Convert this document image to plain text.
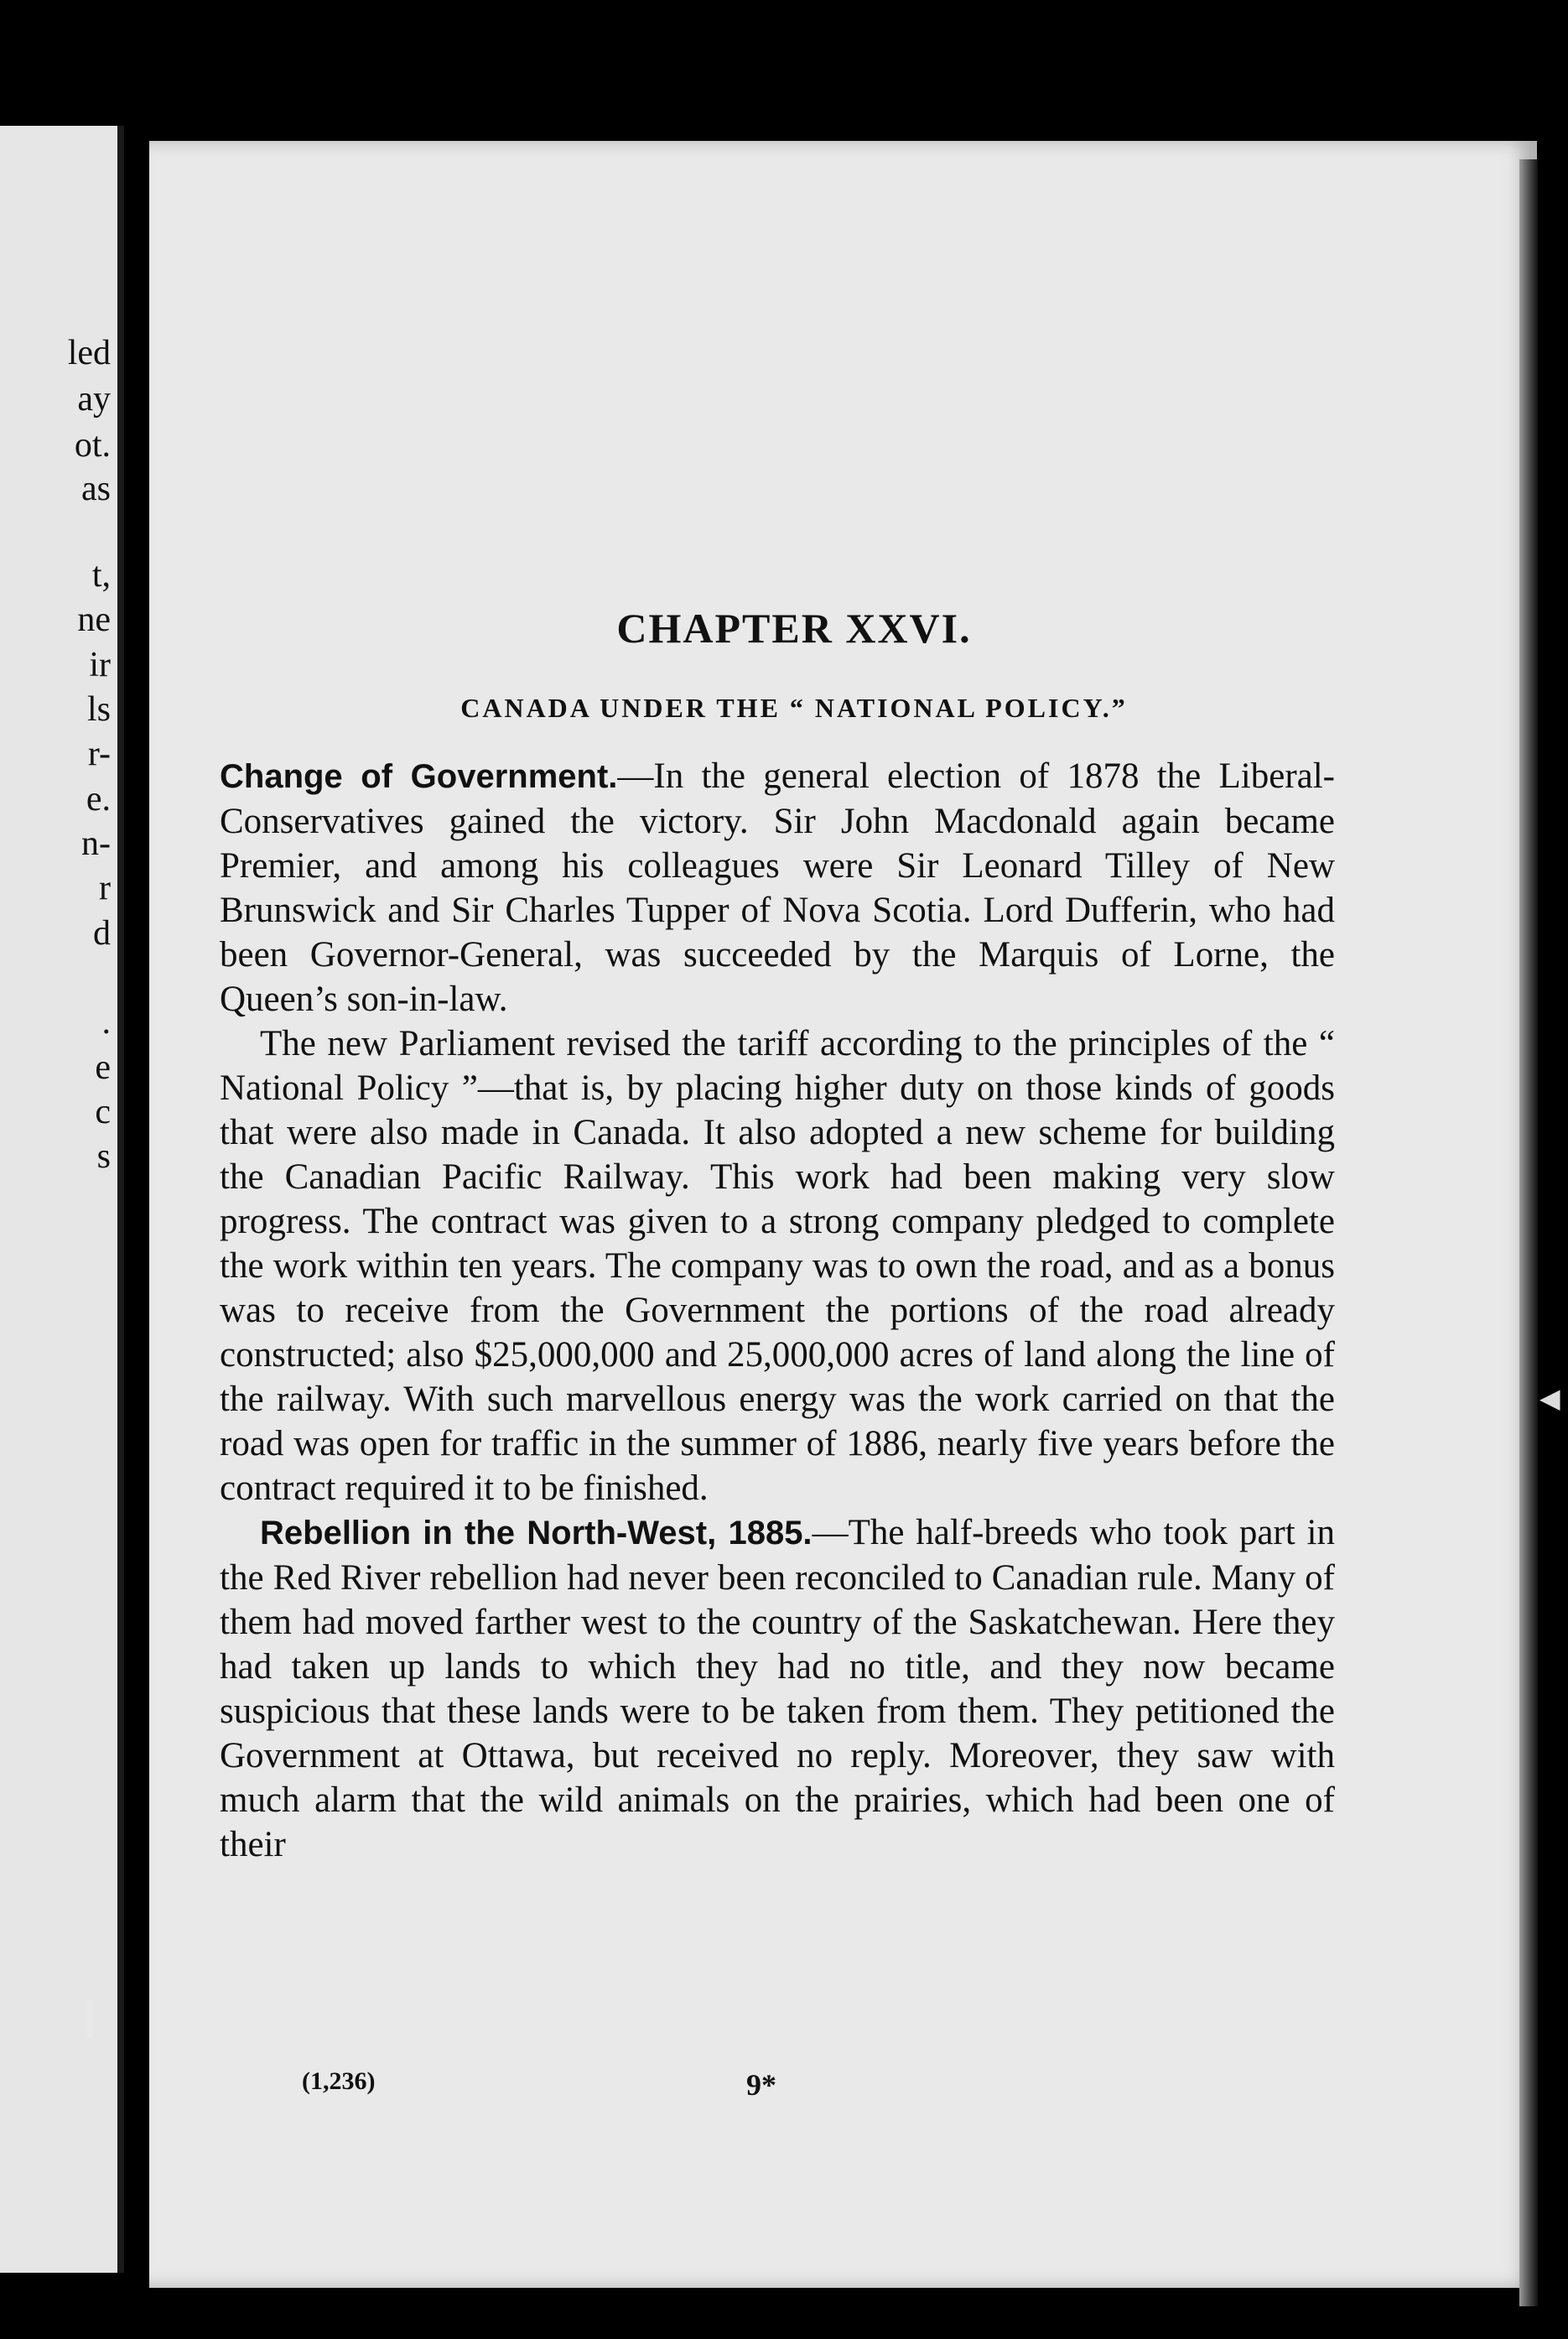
led
ay
ot.
as
t,
ne
ir
ls
r-
e.
n-
r
d
.
e
c
s
◀
CHAPTER XXVI.
CANADA UNDER THE “ NATIONAL POLICY.”

Change of Government.—In the general election of 1878 the Liberal-Conservatives gained the victory. Sir John Macdonald again became Premier, and among his colleagues were Sir Leonard Tilley of New Brunswick and Sir Charles Tupper of Nova Scotia. Lord Dufferin, who had been Governor-General, was succeeded by the Marquis of Lorne, the Queen’s son-in-law.

The new Parliament revised the tariff according to the principles of the “ National Policy ”—that is, by placing higher duty on those kinds of goods that were also made in Canada. It also adopted a new scheme for building the Canadian Pacific Railway. This work had been making very slow progress. The contract was given to a strong company pledged to complete the work within ten years. The company was to own the road, and as a bonus was to receive from the Government the portions of the road already constructed; also $25,000,000 and 25,000,000 acres of land along the line of the railway. With such marvellous energy was the work carried on that the road was open for traffic in the summer of 1886, nearly five years before the contract required it to be finished.

Rebellion in the North-West, 1885.—The half-breeds who took part in the Red River rebellion had never been reconciled to Canadian rule. Many of them had moved farther west to the country of the Saskatchewan. Here they had taken up lands to which they had no title, and they now became suspicious that these lands were to be taken from them. They petitioned the Government at Ottawa, but received no reply. Moreover, they saw with much alarm that the wild animals on the prairies, which had been one of their

(1,236)	9*
